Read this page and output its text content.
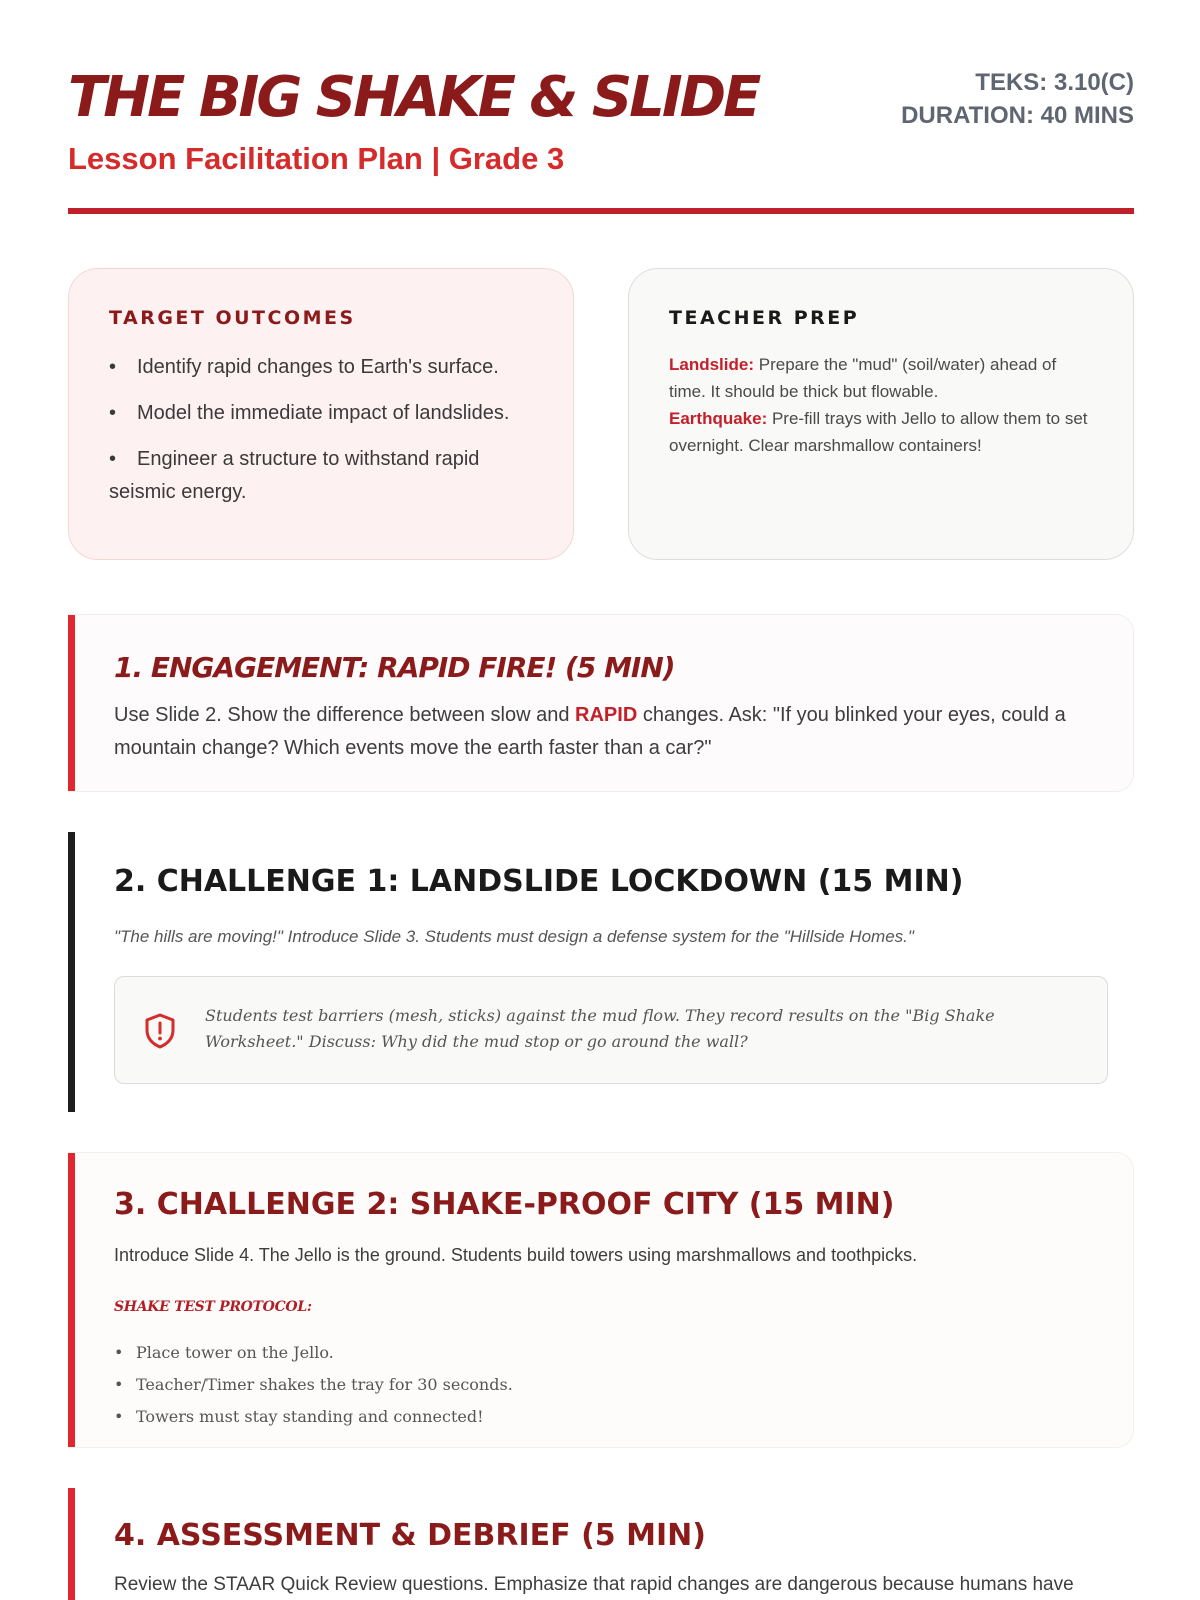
THE BIG SHAKE & SLIDE
Lesson Facilitation Plan | Grade 3
TEKS: 3.10(C)
DURATION: 40 MINS
TARGET OUTCOMES
• Identify rapid changes to Earth's surface.
• Model the immediate impact of landslides.
• Engineer a structure to withstand rapid seismic energy.
TEACHER PREP

Landslide: Prepare the "mud" (soil/water) ahead of time. It should be thick but flowable.

Earthquake: Pre-fill trays with Jello to allow them to set overnight. Clear marshmallow containers!

1. ENGAGEMENT: RAPID FIRE! (5 MIN)

Use Slide 2. Show the difference between slow and RAPID changes. Ask: "If you blinked your eyes, could a mountain change? Which events move the earth faster than a car?"

2. CHALLENGE 1: LANDSLIDE LOCKDOWN (15 MIN)

"The hills are moving!" Introduce Slide 3. Students must design a defense system for the "Hillside Homes."

Students test barriers (mesh, sticks) against the mud flow. They record results on the "Big Shake Worksheet." Discuss: Why did the mud stop or go around the wall?

3. CHALLENGE 2: SHAKE-PROOF CITY (15 MIN)

Introduce Slide 4. The Jello is the ground. Students build towers using marshmallows and toothpicks.

SHAKE TEST PROTOCOL:

• Place tower on the Jello.
• Teacher/Timer shakes the tray for 30 seconds.
• Towers must stay standing and connected!
4. ASSESSMENT & DEBRIEF (5 MIN)

Review the STAAR Quick Review questions. Emphasize that rapid changes are dangerous because humans have
